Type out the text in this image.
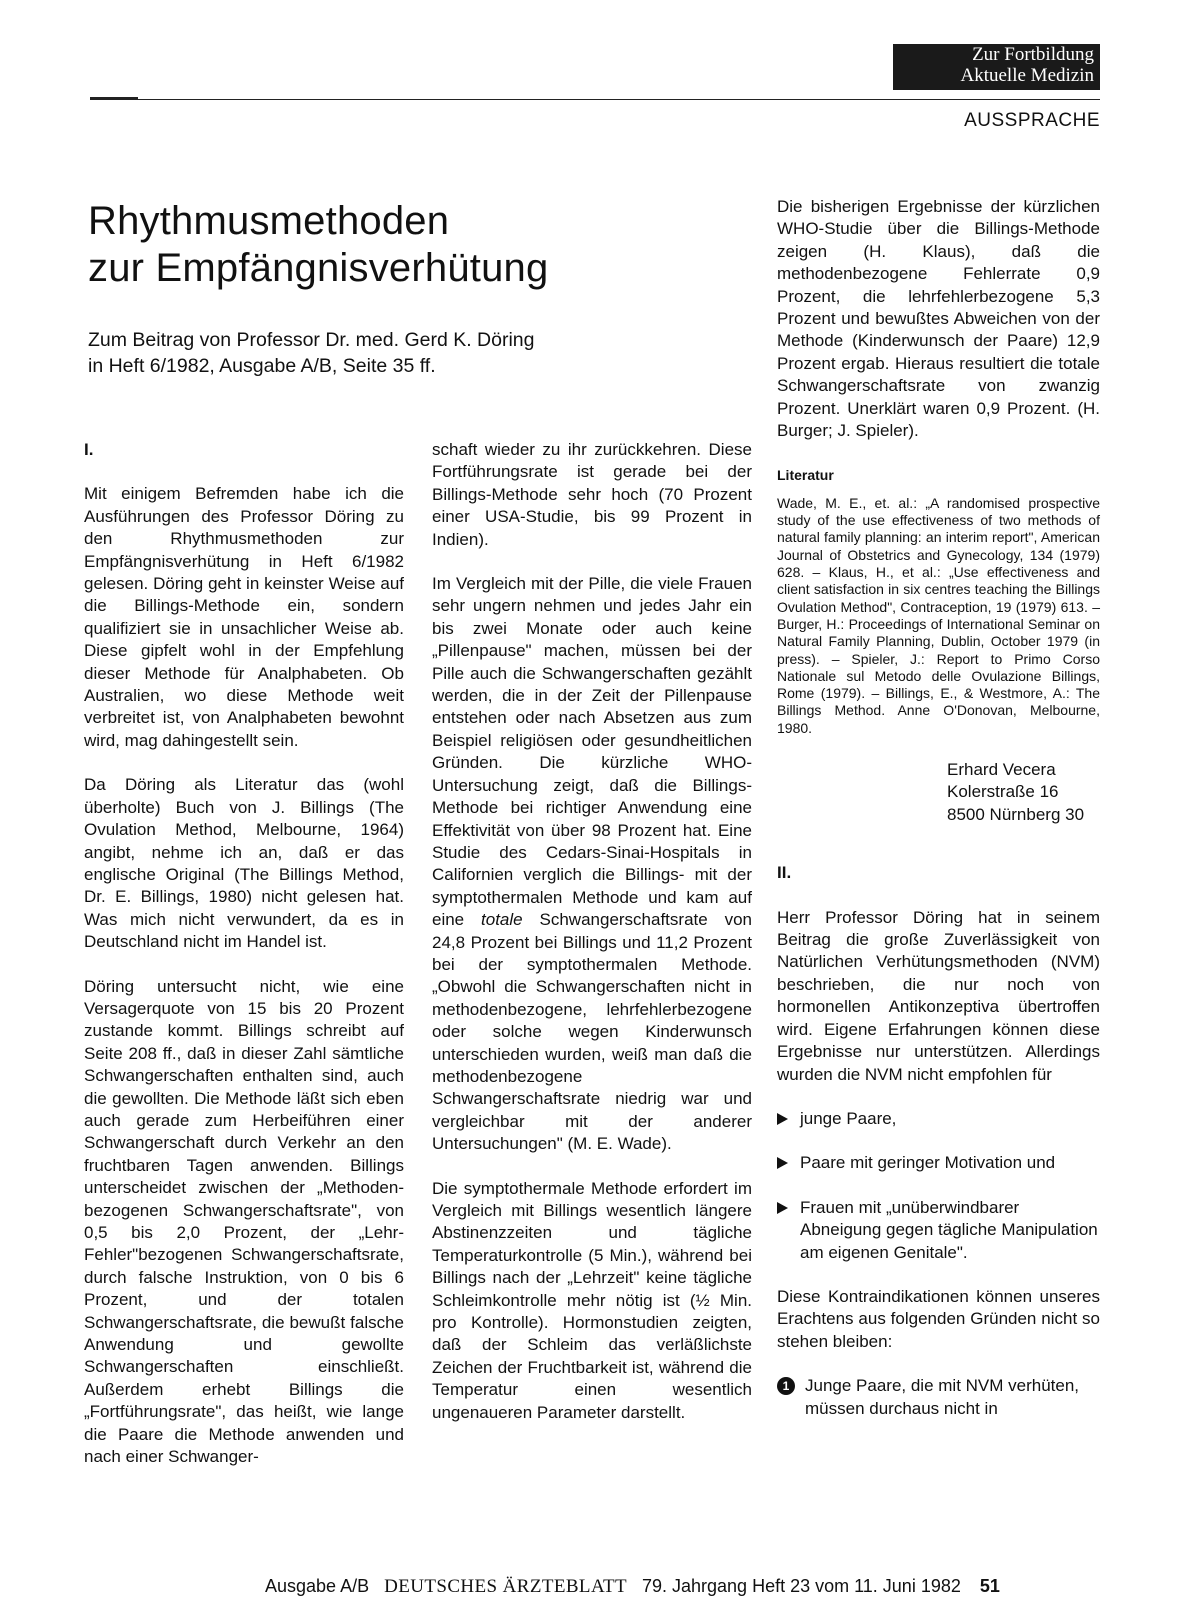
Zur Fortbildung
Aktuelle Medizin
AUSSPRACHE
Rhythmusmethoden
zur Empfängnisverhütung
Zum Beitrag von Professor Dr. med. Gerd K. Döring
in Heft 6/1982, Ausgabe A/B, Seite 35 ff.
I.

Mit einigem Befremden habe ich die Ausführungen des Professor Döring zu den Rhythmusmethoden zur Empfängnisverhütung in Heft 6/1982 gelesen. Döring geht in keinster Weise auf die Billings-Methode ein, sondern qualifiziert sie in unsachlicher Weise ab. Diese gipfelt wohl in der Empfehlung dieser Methode für Analphabeten. Ob Australien, wo diese Methode weit verbreitet ist, von Analphabeten bewohnt wird, mag dahingestellt sein.

Da Döring als Literatur das (wohl überholte) Buch von J. Billings (The Ovulation Method, Melbourne, 1964) angibt, nehme ich an, daß er das englische Original (The Billings Method, Dr. E. Billings, 1980) nicht gelesen hat. Was mich nicht verwundert, da es in Deutschland nicht im Handel ist.

Döring untersucht nicht, wie eine Versagerquote von 15 bis 20 Prozent zustande kommt. Billings schreibt auf Seite 208 ff., daß in dieser Zahl sämtliche Schwangerschaften enthalten sind, auch die gewollten. Die Methode läßt sich eben auch gerade zum Herbeiführen einer Schwangerschaft durch Verkehr an den fruchtbaren Tagen anwenden. Billings unterscheidet zwischen der „Methoden-bezogenen Schwangerschaftsrate", von 0,5 bis 2,0 Prozent, der „Lehr-Fehler"bezogenen Schwangerschaftsrate, durch falsche Instruktion, von 0 bis 6 Prozent, und der totalen Schwangerschaftsrate, die bewußt falsche Anwendung und gewollte Schwangerschaften einschließt. Außerdem erhebt Billings die „Fortführungsrate", das heißt, wie lange die Paare die Methode anwenden und nach einer Schwanger-

schaft wieder zu ihr zurückkehren. Diese Fortführungsrate ist gerade bei der Billings-Methode sehr hoch (70 Prozent einer USA-Studie, bis 99 Prozent in Indien).

Im Vergleich mit der Pille, die viele Frauen sehr ungern nehmen und jedes Jahr ein bis zwei Monate oder auch keine „Pillenpause" machen, müssen bei der Pille auch die Schwangerschaften gezählt werden, die in der Zeit der Pillenpause entstehen oder nach Absetzen aus zum Beispiel religiösen oder gesundheitlichen Gründen. Die kürzliche WHO-Untersuchung zeigt, daß die Billings-Methode bei richtiger Anwendung eine Effektivität von über 98 Prozent hat. Eine Studie des Cedars-Sinai-Hospitals in Californien verglich die Billings- mit der symptothermalen Methode und kam auf eine totale Schwangerschaftsrate von 24,8 Prozent bei Billings und 11,2 Prozent bei der symptothermalen Methode. „Obwohl die Schwangerschaften nicht in methodenbezogene, lehrfehlerbezogene oder solche wegen Kinderwunsch unterschieden wurden, weiß man daß die methodenbezogene Schwangerschaftsrate niedrig war und vergleichbar mit der anderer Untersuchungen" (M. E. Wade).

Die symptothermale Methode erfordert im Vergleich mit Billings wesentlich längere Abstinenzzeiten und tägliche Temperaturkontrolle (5 Min.), während bei Billings nach der „Lehrzeit" keine tägliche Schleimkontrolle mehr nötig ist (½ Min. pro Kontrolle). Hormonstudien zeigten, daß der Schleim das verläßlichste Zeichen der Fruchtbarkeit ist, während die Temperatur einen wesentlich ungenaueren Parameter darstellt.

Die bisherigen Ergebnisse der kürzlichen WHO-Studie über die Billings-Methode zeigen (H. Klaus), daß die methodenbezogene Fehlerrate 0,9 Prozent, die lehrfehlerbezogene 5,3 Prozent und bewußtes Abweichen von der Methode (Kinderwunsch der Paare) 12,9 Prozent ergab. Hieraus resultiert die totale Schwangerschaftsrate von zwanzig Prozent. Unerklärt waren 0,9 Prozent. (H. Burger; J. Spieler).

Literatur

Wade, M. E., et. al.: „A randomised prospective study of the use effectiveness of two methods of natural family planning: an interim report", American Journal of Obstetrics and Gynecology, 134 (1979) 628. – Klaus, H., et al.: „Use effectiveness and client satisfaction in six centres teaching the Billings Ovulation Method", Contraception, 19 (1979) 613. – Burger, H.: Proceedings of International Seminar on Natural Family Planning, Dublin, October 1979 (in press). – Spieler, J.: Report to Primo Corso Nationale sul Metodo delle Ovulazione Billings, Rome (1979). – Billings, E., & Westmore, A.: The Billings Method. Anne O'Donovan, Melbourne, 1980.

Erhard Vecera
Kolerstraße 16
8500 Nürnberg 30
II.

Herr Professor Döring hat in seinem Beitrag die große Zuverlässigkeit von Natürlichen Verhütungsmethoden (NVM) beschrieben, die nur noch von hormonellen Antikonzeptiva übertroffen wird. Eigene Erfahrungen können diese Ergebnisse nur unterstützen. Allerdings wurden die NVM nicht empfohlen für

junge Paare,
Paare mit geringer Motivation und
Frauen mit „unüberwindbarer Abneigung gegen tägliche Manipulation am eigenen Genitale".

Diese Kontraindikationen können unseres Erachtens aus folgenden Gründen nicht so stehen bleiben:

1 Junge Paare, die mit NVM verhüten, müssen durchaus nicht in
Ausgabe A/B DEUTSCHES ÄRZTEBLATT 79. Jahrgang Heft 23 vom 11. Juni 1982 51
